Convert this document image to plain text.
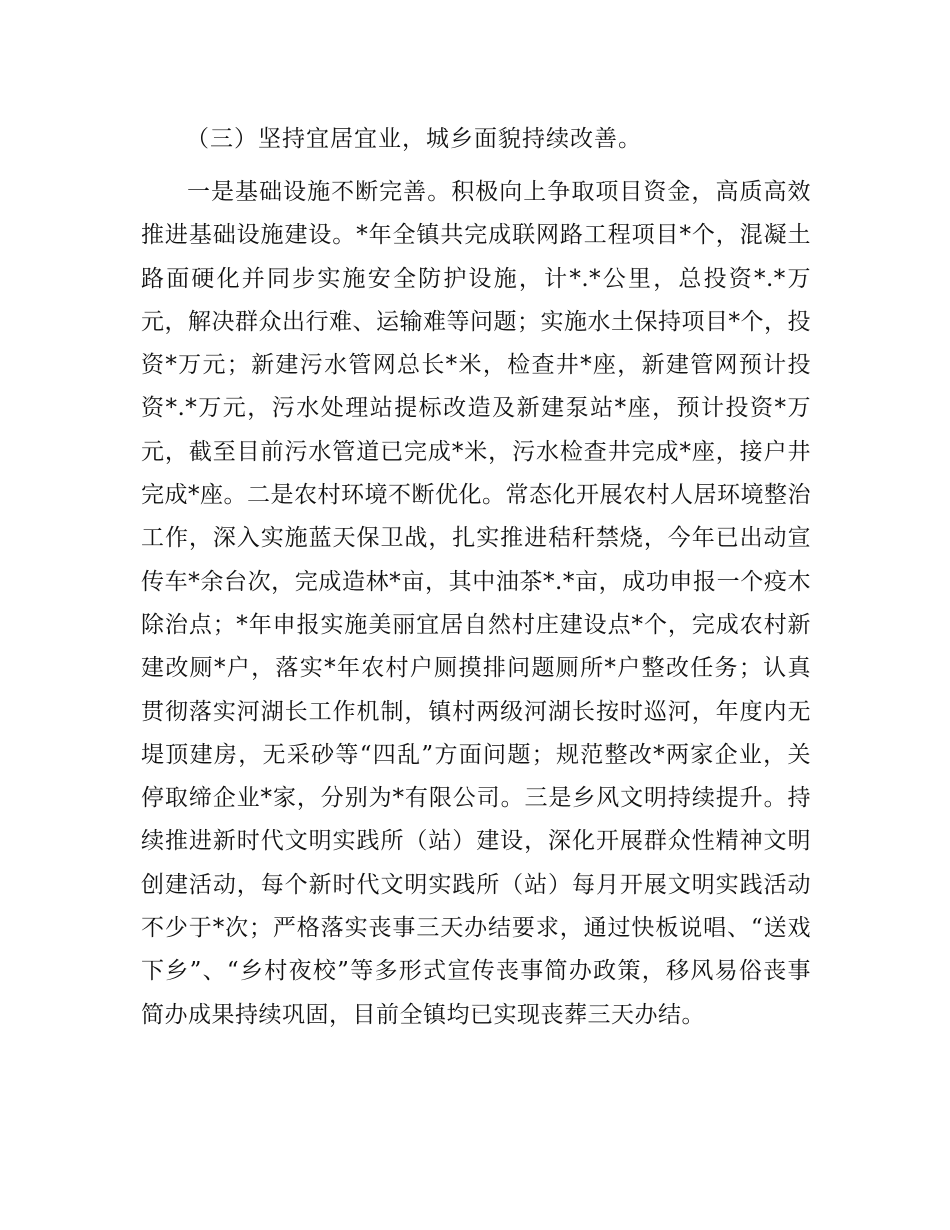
（三）坚持宜居宜业，城乡面貌持续改善。

一是基础设施不断完善。积极向上争取项目资金，高质高效推进基础设施建设。*年全镇共完成联网路工程项目*个，混凝土路面硬化并同步实施安全防护设施，计*.*公里，总投资*.*万元，解决群众出行难、运输难等问题；实施水土保持项目*个，投资*万元；新建污水管网总长*米，检查井*座，新建管网预计投资*.*万元，污水处理站提标改造及新建泵站*座，预计投资*万元，截至目前污水管道已完成*米，污水检查井完成*座，接户井完成*座。二是农村环境不断优化。常态化开展农村人居环境整治工作，深入实施蓝天保卫战，扎实推进秸秆禁烧，今年已出动宣传车*余台次，完成造林*亩，其中油茶*.*亩，成功申报一个疫木除治点；*年申报实施美丽宜居自然村庄建设点*个，完成农村新建改厕*户，落实*年农村户厕摸排问题厕所*户整改任务；认真贯彻落实河湖长工作机制，镇村两级河湖长按时巡河，年度内无堤顶建房，无采砂等“四乱”方面问题；规范整改*两家企业，关停取缔企业*家，分别为*有限公司。三是乡风文明持续提升。持续推进新时代文明实践所（站）建设，深化开展群众性精神文明创建活动，每个新时代文明实践所（站）每月开展文明实践活动不少于*次；严格落实丧事三天办结要求，通过快板说唱、“送戏下乡”、“乡村夜校”等多形式宣传丧事简办政策，移风易俗丧事简办成果持续巩固，目前全镇均已实现丧葬三天办结。
